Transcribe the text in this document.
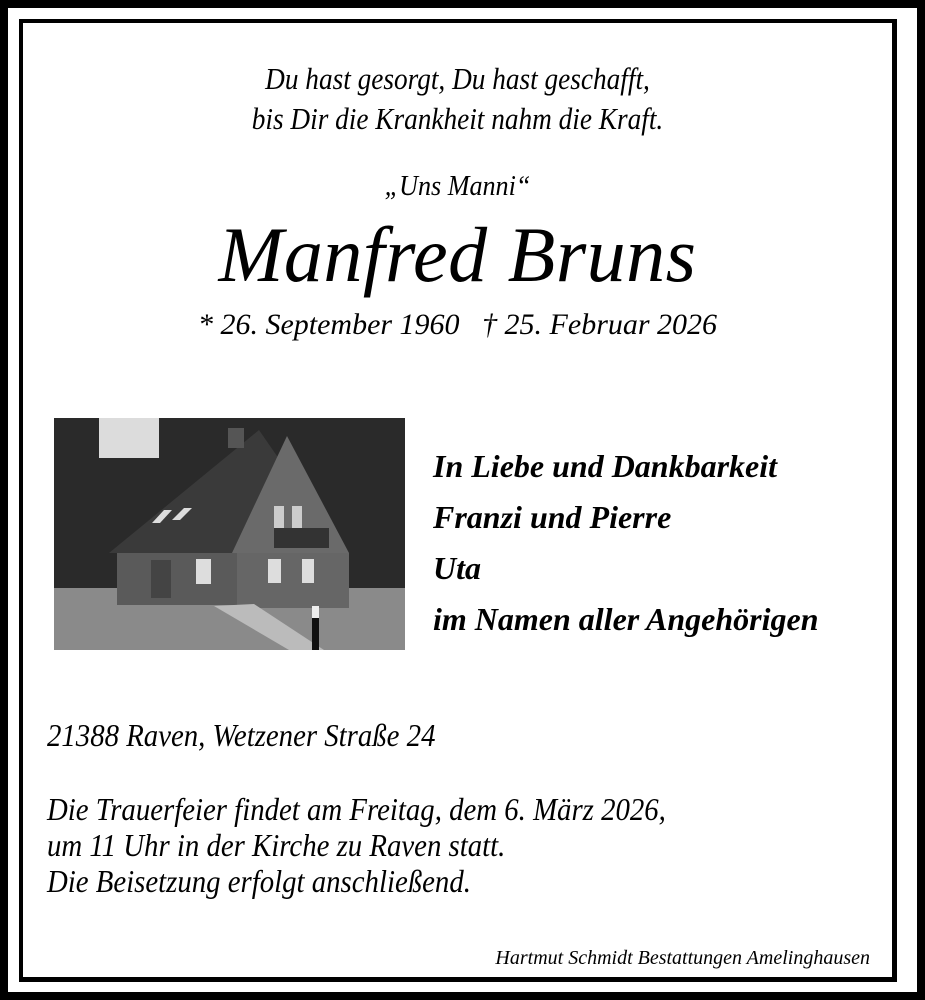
Du hast gesorgt, Du hast geschafft,
bis Dir die Krankheit nahm die Kraft.
„Uns Manni“
Manfred Bruns
* 26. September 1960   † 25. Februar 2026
In Liebe und Dankbarkeit
Franzi und Pierre
Uta
im Namen aller Angehörigen
21388 Raven, Wetzener Straße 24
Die Trauerfeier findet am Freitag, dem 6. März 2026,
um 11 Uhr in der Kirche zu Raven statt.
Die Beisetzung erfolgt anschließend.
Hartmut Schmidt Bestattungen Amelinghausen
